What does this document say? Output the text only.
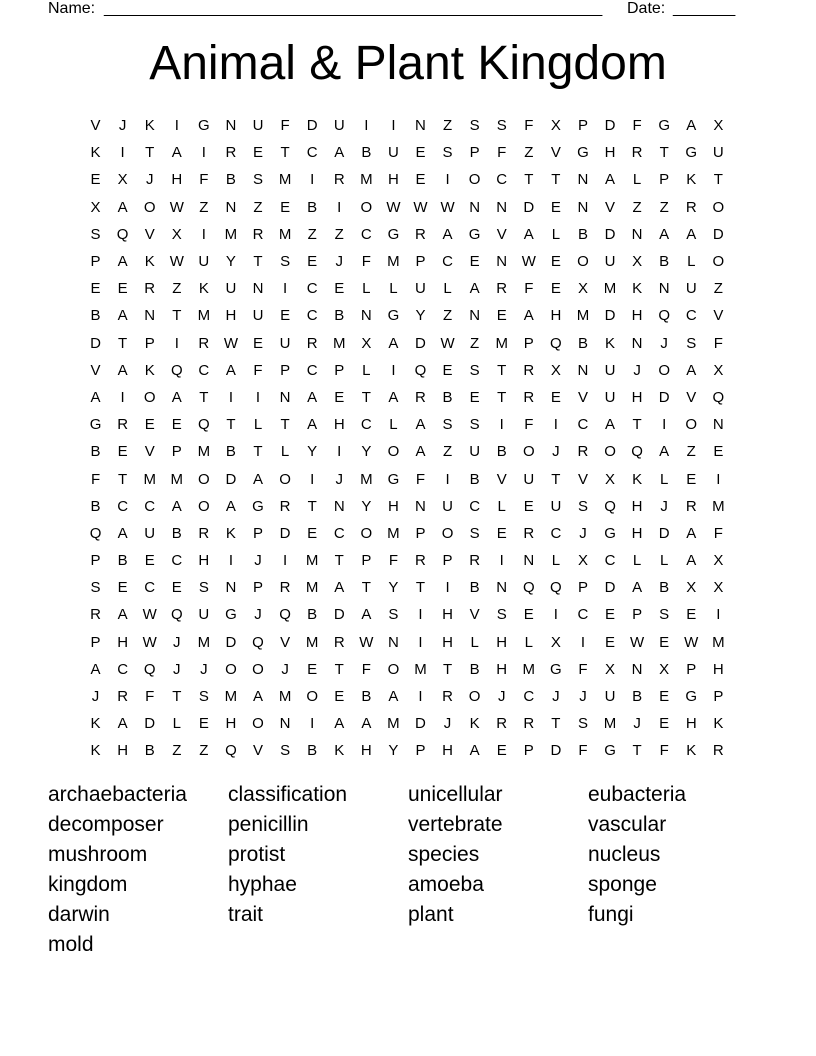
Name: ________________________________________________________ Date: _______
Animal & Plant Kingdom
V	J	K	I	G	N	U	F	D	U	I	I	N	Z	S	S	F	X	P	D	F	G	A	X
K	I	T	A	I	R	E	T	C	A	B	U	E	S	P	F	Z	V	G	H	R	T	G	U
E	X	J	H	F	B	S	M	I	R	M	H	E	I	O	C	T	T	N	A	L	P	K	T
X	A	O W	Z	N	Z	E	B	I	O W W W N	N	D	E	N	V	Z	Z	R	O
S	Q	V	X	I	M	R	M	Z	Z	C	G	R	A	G	V	A	L	B	D	N	A	A	D
P	A	K W U	Y	T	S	E	J	F	M	P	C	E	N W E	O	U	X	B	L	O
E	E	R	Z	K	U	N	I	C	E	L	L	U	L	A	R	F	E	X	M	K	N	U	Z
B	A	N	T	M	H	U	E	C	B	N	G	Y	Z	N	E	A	H	M	D	H	Q	C	V
D	T	P	I	R W E	U	R	M	X	A	D W	Z	M	P	Q	B	K	N	J	S	F
V	A	K	Q	C	A	F	P	C	P	L	I	Q	E	S	T	R	X	N	U	J	O	A	X
A	I	O	A	T	I	I	N	A	E	T	A	R	B	E	T	R	E	V	U	H	D	V	Q
G	R	E	E	Q	T	L	T	A	H	C	L	A	S	S	I	F	I	C	A	T	I	O	N
B	E	V	P	M	B	T	L	Y	I	Y	O	A	Z	U	B	O	J	R	O	Q	A	Z	E
F	T	M M	O	D	A	O	I	J	M	G	F	I	B	V	U	T	V	X	K	L	E	I
B	C	C	A	O	A	G	R	T	N	Y	H	N	U	C	L	E	U	S	Q	H	J	R	M
Q	A	U	B	R	K	P	D	E	C	O M	P	O	S	E	R	C	J	G	H	D	A	F
P	B	E	C	H	I	J	I	M	T	P	F	R	P	R	I	N	L	X	C	L	L	A	X
S	E	C	E	S	N	P	R	M	A	T	Y	T	I	B	N	Q	Q	P	D	A	B	X	X
R	A W Q	U	G	J	Q	B	D	A	S	I	H	V	S	E	I	C	E	P	S	E	I
P	H W	J	M	D	Q	V	M	R W N	I	H	L	H	L	X	I	E W E W M
A	C	Q	J	J	O	O	J	E	T	F	O M	T	B	H	M	G	F	X	N	X	P	H
J	R	F	T	S	M	A	M	O	E	B	A	I	R	O	J	C	J	J	U	B	E	G	P
K	A	D	L	E	H	O	N	I	A	A	M	D	J	K	R	R	T	S	M	J	E	H	K
K	H	B	Z	Z	Q	V	S	B	K	H	Y	P	H	A	E	P	D	F	G	T	F	K	R
archaebacteria
decomposer
mushroom
kingdom
darwin
mold
classification
penicillin
protist
hyphae
trait
unicellular
vertebrate
species
amoeba
plant
eubacteria
vascular
nucleus
sponge
fungi
